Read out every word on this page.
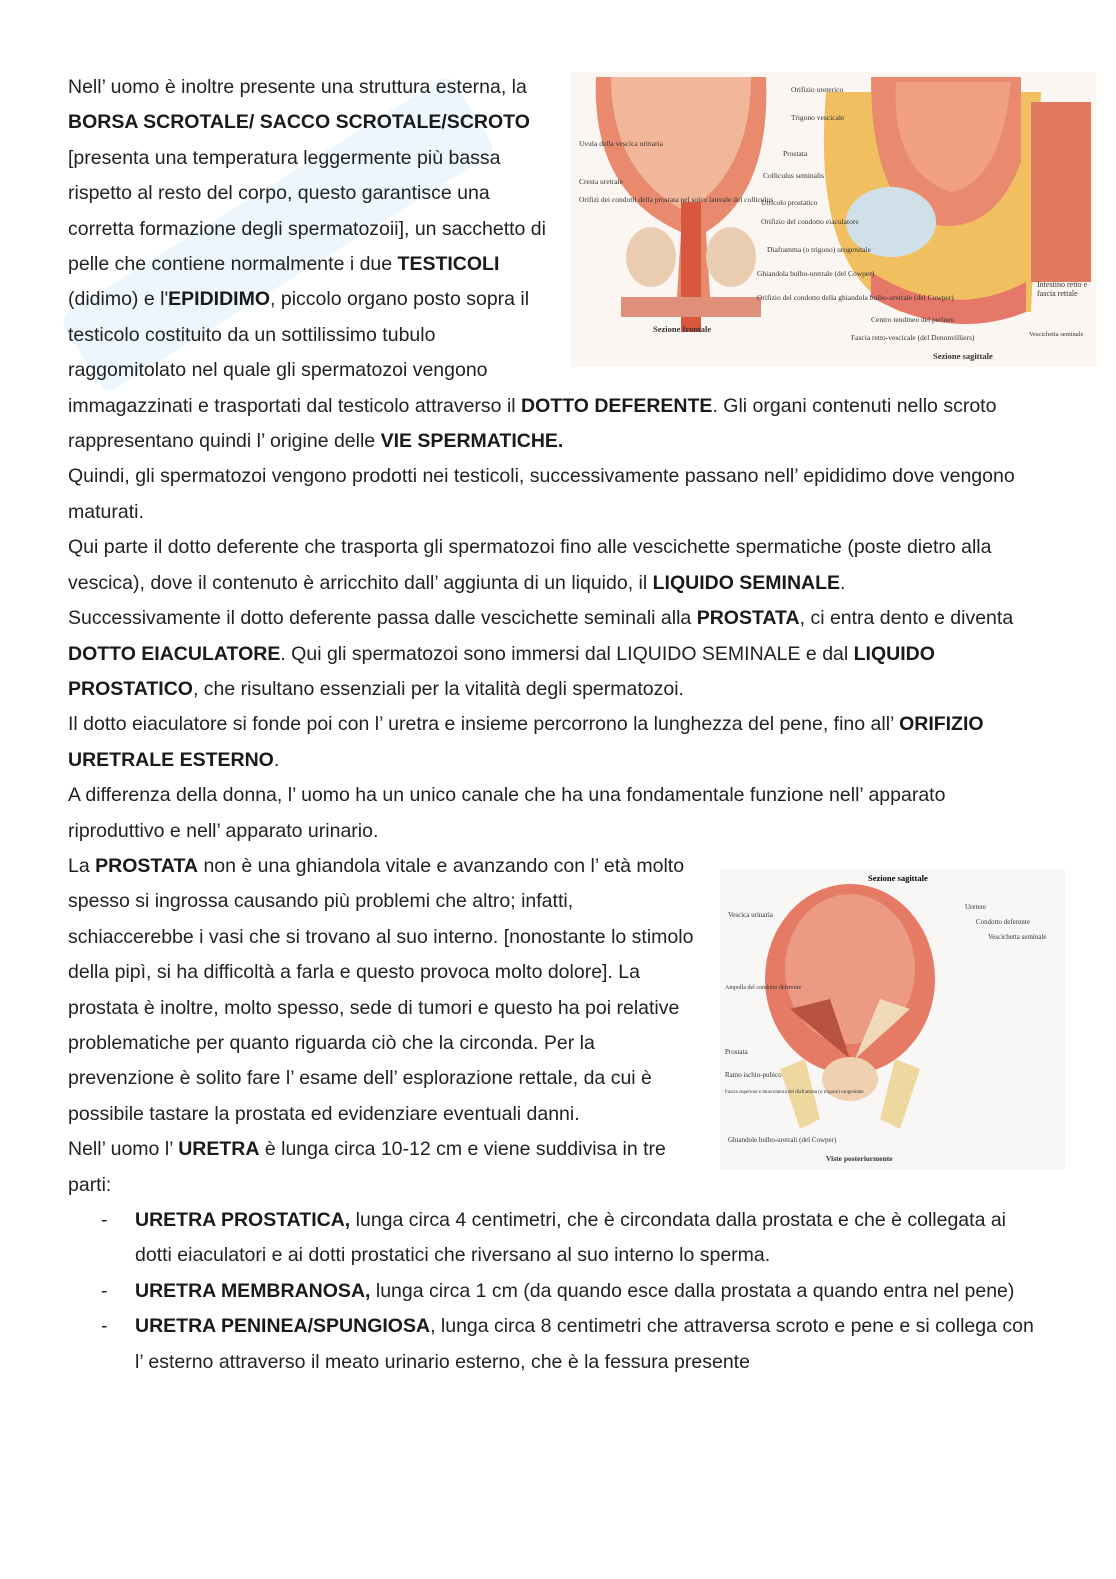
Uvula della vescica urinaria
Cresta uretrale
Orifizi dei condotti della prostata nel solco laterale del colliculus
Orifizio ureterico
Trigono vescicale
Prostata
Colliculus seminalis
Utricolo prostatico
Orifizio del condotto eiaculatore
Diaframma (o trigono) urogenitale
Ghiandola bulbo-uretrale (del Cowper)
Orifizio del condotto della ghiandola bulbo-uretrale (del Cowper)
Centro tendineo del perineo
Fascia retto-vescicale (del Denonvilliers)
Intestino retto e fascia rettale
Vescichetta seminale
Sezione frontale
Sezione sagittale

Nell’ uomo è inoltre presente una struttura esterna, la BORSA SCROTALE/ SACCO SCROTALE/SCROTO [presenta una temperatura leggermente più bassa rispetto al resto del corpo, questo garantisce una corretta formazione degli spermatozoii], un sacchetto di pelle che contiene normalmente i due TESTICOLI (didimo) e l'EPIDIDIMO, piccolo organo posto sopra il testicolo costituito da un sottilissimo tubulo raggomitolato nel quale gli spermatozoi vengono immagazzinati e trasportati dal testicolo attraverso il DOTTO DEFERENTE. Gli organi contenuti nello scroto rappresentano quindi l’ origine delle VIE SPERMATICHE.

Quindi, gli spermatozoi vengono prodotti nei testicoli, successivamente passano nell’ epididimo dove vengono maturati.

Qui parte il dotto deferente che trasporta gli spermatozoi fino alle vescichette spermatiche (poste dietro alla vescica), dove il contenuto è arricchito dall’ aggiunta di un liquido, il LIQUIDO SEMINALE.

Successivamente il dotto deferente passa dalle vescichette seminali alla PROSTATA, ci entra dento e diventa DOTTO EIACULATORE. Qui gli spermatozoi sono immersi dal LIQUIDO SEMINALE e dal LIQUIDO PROSTATICO, che risultano essenziali per la vitalità degli spermatozoi.

Il dotto eiaculatore si fonde poi con l’ uretra e insieme percorrono la lunghezza del pene, fino all’ ORIFIZIO URETRALE ESTERNO.

A differenza della donna, l’ uomo ha un unico canale che ha una fondamentale funzione nell’ apparato riproduttivo e nell’ apparato urinario.

Sezione sagittale
Vescica urinaria
Uretere
Condotto deferente
Vescichetta seminale
Ampolla del condotto deferente
Prostata
Ramo ischio-pubico
Fascia superiore e muscolatura del diaframma (o trigono) urogenitale
Ghiandole bulbo-uretrali (del Cowper)
Viste posteriormente
La PROSTATA non è una ghiandola vitale e avanzando con l’ età molto spesso si ingrossa causando più problemi che altro; infatti, schiaccerebbe i vasi che si trovano al suo interno. [nonostante lo stimolo della pipì, si ha difficoltà a farla e questo provoca molto dolore]. La prostata è inoltre, molto spesso, sede di tumori e questo ha poi relative problematiche per quanto riguarda ciò che la circonda. Per la prevenzione è solito fare l’ esame dell’ esplorazione rettale, da cui è possibile tastare la prostata ed evidenziare eventuali danni.

Nell’ uomo l’ URETRA è lunga circa 10-12 cm e viene suddivisa in tre parti:

- URETRA PROSTATICA, lunga circa 4 centimetri, che è circondata dalla prostata e che è collegata ai dotti eiaculatori e ai dotti prostatici che riversano al suo interno lo sperma.
- URETRA MEMBRANOSA, lunga circa 1 cm (da quando esce dalla prostata a quando entra nel pene)
- URETRA PENINEA/SPUNGIOSA, lunga circa 8 centimetri che attraversa scroto e pene e si collega con l’ esterno attraverso il meato urinario esterno, che è la fessura presente
